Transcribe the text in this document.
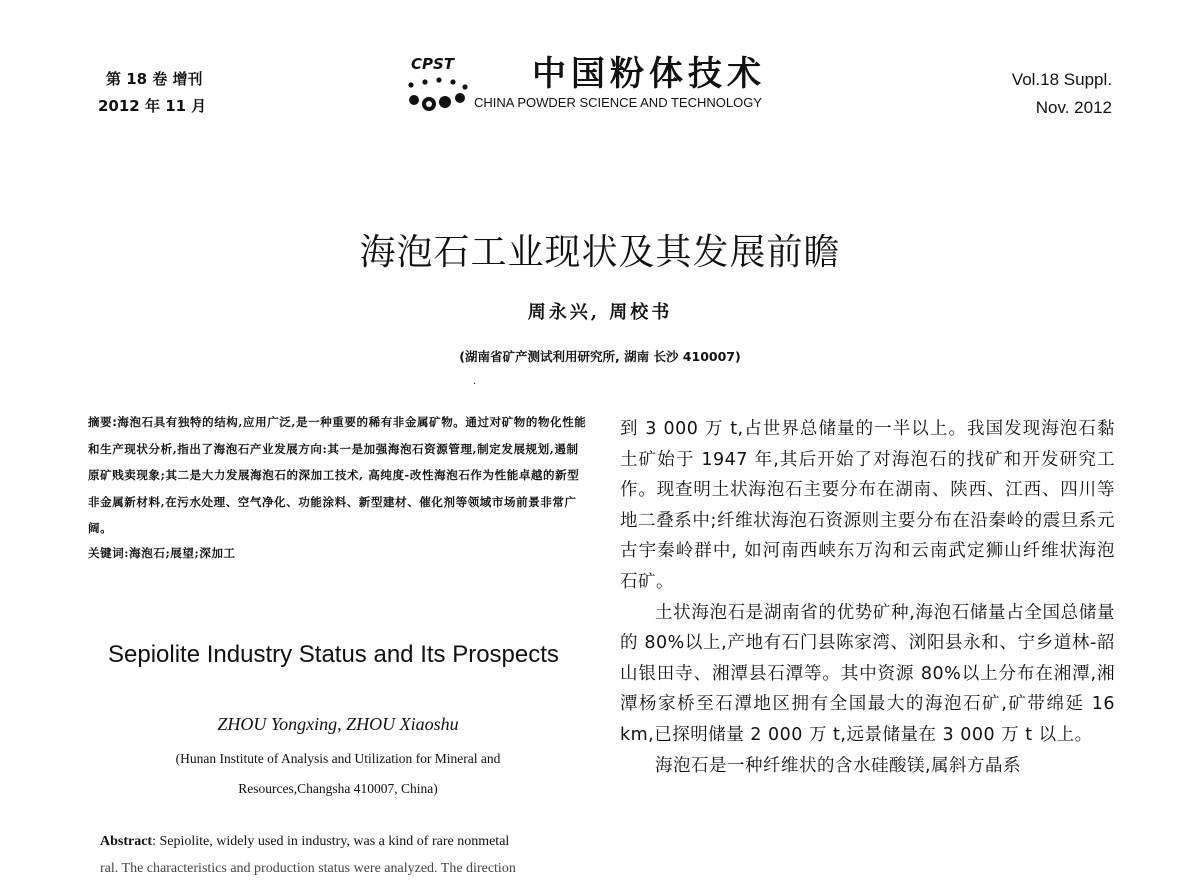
第 18 卷 增刊
2012 年 11 月
CPST 中国粉体技术
CHINA POWDER SCIENCE AND TECHNOLOGY
Vol.18 Suppl.
Nov. 2012
海泡石工业现状及其发展前瞻
周永兴, 周校书
(湖南省矿产测试利用研究所, 湖南 长沙 410007)
·

摘要:海泡石具有独特的结构,应用广泛,是一种重要的稀有非金属矿物。通过对矿物的物化性能和生产现状分析,指出了海泡石产业发展方向:其一是加强海泡石资源管理,制定发展规划,遏制原矿贱卖现象;其二是大力发展海泡石的深加工技术, 高纯度-改性海泡石作为性能卓越的新型非金属新材料,在污水处理、空气净化、功能涂料、新型建材、催化剂等领域市场前景非常广阔。

关键词:海泡石;展望;深加工

Sepiolite Industry Status and Its Prospects
ZHOU Yongxing, ZHOU Xiaoshu
(Hunan Institute of Analysis and Utilization for Mineral and
Resources,Changsha 410007, China)

Abstract: Sepiolite, widely used in industry, was a kind of rare nonmetal
ral. The characteristics and production status were analyzed. The direction

到 3 000 万 t,占世界总储量的一半以上。我国发现海泡石黏土矿始于 1947 年,其后开始了对海泡石的找矿和开发研究工作。现查明土状海泡石主要分布在湖南、陕西、江西、四川等地二叠系中;纤维状海泡石资源则主要分布在沿秦岭的震旦系元古宇秦岭群中, 如河南西峡东万沟和云南武定狮山纤维状海泡石矿。

土状海泡石是湖南省的优势矿种,海泡石储量占全国总储量的 80%以上,产地有石门县陈家湾、浏阳县永和、宁乡道林-韶山银田寺、湘潭县石潭等。其中资源 80%以上分布在湘潭,湘潭杨家桥至石潭地区拥有全国最大的海泡石矿,矿带绵延 16 km,已探明储量 2 000 万 t,远景储量在 3 000 万 t 以上。

海泡石是一种纤维状的含水硅酸镁,属斜方晶系
